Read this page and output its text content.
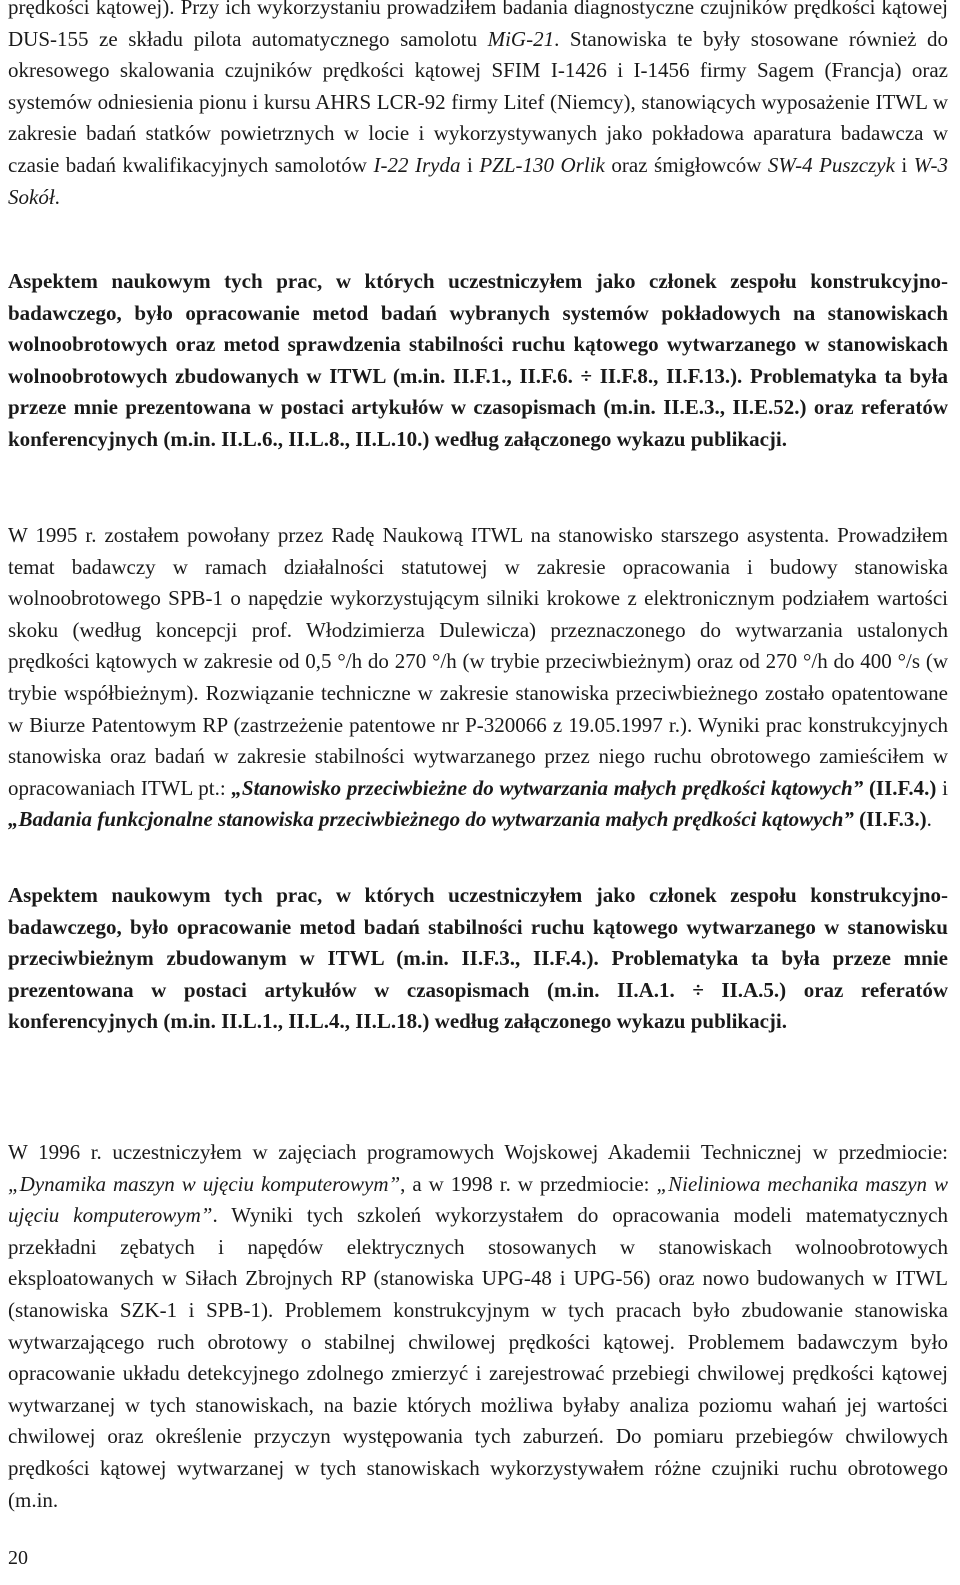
prędkości kątowej). Przy ich wykorzystaniu prowadziłem badania diagnostyczne czujników prędkości kątowej DUS-155 ze składu pilota automatycznego samolotu MiG-21. Stanowiska te były stosowane również do okresowego skalowania czujników prędkości kątowej SFIM I-1426 i I-1456 firmy Sagem (Francja) oraz systemów odniesienia pionu i kursu AHRS LCR-92 firmy Litef (Niemcy), stanowiących wyposażenie ITWL w zakresie badań statków powietrznych w locie i wykorzystywanych jako pokładowa aparatura badawcza w czasie badań kwalifikacyjnych samolotów I-22 Iryda i PZL-130 Orlik oraz śmigłowców SW-4 Puszczyk i W-3 Sokół.

Aspektem naukowym tych prac, w których uczestniczyłem jako członek zespołu konstrukcyjno-badawczego, było opracowanie metod badań wybranych systemów pokładowych na stanowiskach wolnoobrotowych oraz metod sprawdzenia stabilności ruchu kątowego wytwarzanego w stanowiskach wolnoobrotowych zbudowanych w ITWL (m.in. II.F.1., II.F.6. ÷ II.F.8., II.F.13.). Problematyka ta była przeze mnie prezentowana w postaci artykułów w czasopismach (m.in. II.E.3., II.E.52.) oraz referatów konferencyjnych (m.in. II.L.6., II.L.8., II.L.10.) według załączonego wykazu publikacji.

W 1995 r. zostałem powołany przez Radę Naukową ITWL na stanowisko starszego asystenta. Prowadziłem temat badawczy w ramach działalności statutowej w zakresie opracowania i budowy stanowiska wolnoobrotowego SPB-1 o napędzie wykorzystującym silniki krokowe z elektronicznym podziałem wartości skoku (według koncepcji prof. Włodzimierza Dulewicza) przeznaczonego do wytwarzania ustalonych prędkości kątowych w zakresie od 0,5 °/h do 270 °/h (w trybie przeciwbieżnym) oraz od 270 °/h do 400 °/s (w trybie współbieżnym). Rozwiązanie techniczne w zakresie stanowiska przeciwbieżnego zostało opatentowane w Biurze Patentowym RP (zastrzeżenie patentowe nr P-320066 z 19.05.1997 r.). Wyniki prac konstrukcyjnych stanowiska oraz badań w zakresie stabilności wytwarzanego przez niego ruchu obrotowego zamieściłem w opracowaniach ITWL pt.: „Stanowisko przeciwbieżne do wytwarzania małych prędkości kątowych” (II.F.4.) i „Badania funkcjonalne stanowiska przeciwbieżnego do wytwarzania małych prędkości kątowych” (II.F.3.).

Aspektem naukowym tych prac, w których uczestniczyłem jako członek zespołu konstrukcyjno-badawczego, było opracowanie metod badań stabilności ruchu kątowego wytwarzanego w stanowisku przeciwbieżnym zbudowanym w ITWL (m.in. II.F.3., II.F.4.). Problematyka ta była przeze mnie prezentowana w postaci artykułów w czasopismach (m.in. II.A.1. ÷ II.A.5.) oraz referatów konferencyjnych (m.in. II.L.1., II.L.4., II.L.18.) według załączonego wykazu publikacji.

W 1996 r. uczestniczyłem w zajęciach programowych Wojskowej Akademii Technicznej w przedmiocie: „Dynamika maszyn w ujęciu komputerowym”, a w 1998 r. w przedmiocie: „Nieliniowa mechanika maszyn w ujęciu komputerowym”. Wyniki tych szkoleń wykorzystałem do opracowania modeli matematycznych przekładni zębatych i napędów elektrycznych stosowanych w stanowiskach wolnoobrotowych eksploatowanych w Siłach Zbrojnych RP (stanowiska UPG-48 i UPG-56) oraz nowo budowanych w ITWL (stanowiska SZK-1 i SPB-1). Problemem konstrukcyjnym w tych pracach było zbudowanie stanowiska wytwarzającego ruch obrotowy o stabilnej chwilowej prędkości kątowej. Problemem badawczym było opracowanie układu detekcyjnego zdolnego zmierzyć i zarejestrować przebiegi chwilowej prędkości kątowej wytwarzanej w tych stanowiskach, na bazie których możliwa byłaby analiza poziomu wahań jej wartości chwilowej oraz określenie przyczyn występowania tych zaburzeń. Do pomiaru przebiegów chwilowych prędkości kątowej wytwarzanej w tych stanowiskach wykorzystywałem różne czujniki ruchu obrotowego (m.in.

20
